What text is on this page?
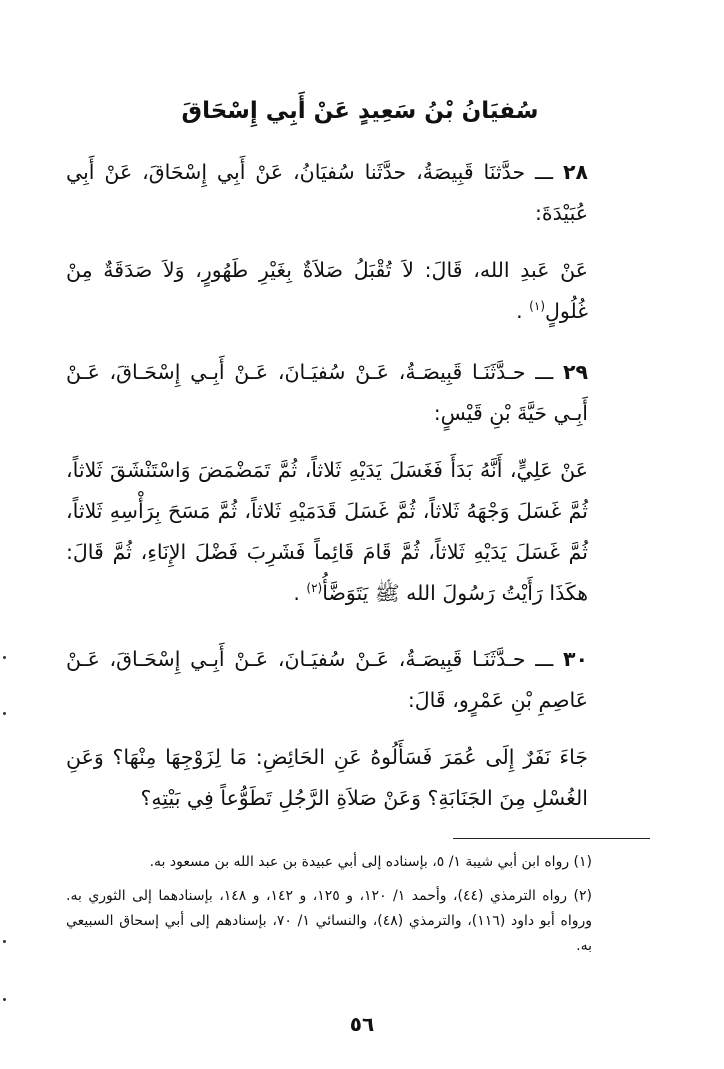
سُفيَانُ بْنُ سَعِيدٍ عَنْ أَبِي إِسْحَاقَ
٢٨ ـــ حدَّثنَا قَبِيصَةُ، حدَّثَنا سُفيَانُ، عَنْ أَبِي إِسْحَاقَ، عَنْ أَبِي عُبَيْدَةَ:
عَنْ عَبدِ الله، قَالَ: لاَ تُقْبَلُ صَلاَةٌ بِغَيْرِ طَهُورٍ، وَلاَ صَدَقَةٌ مِنْ غُلُولٍ$^{(١)}$ .
٢٩ ـــ حـدَّثَنَـا قَبِيصَـةُ، عَـنْ سُفيَـانَ، عَـنْ أَبِـي إِسْحَـاقَ، عَـنْ أَبِـي حَيَّةَ بْنِ قَيْسٍ:
عَنْ عَلِيٍّ، أَنَّهُ بَدَأَ فَغَسَلَ يَدَيْهِ ثَلاثاً، ثُمَّ تَمَضْمَضَ وَاسْتَنْشَقَ ثَلاثاً، ثُمَّ غَسَلَ وَجْهَهُ ثَلاثاً، ثُمَّ غَسَلَ قَدَمَيْهِ ثَلاثاً، ثُمَّ مَسَحَ بِرَأْسِهِ ثَلاثاً، ثُمَّ غَسَلَ يَدَيْهِ ثَلاثاً، ثُمَّ قَامَ قَائِماً فَشَرِبَ فَضْلَ الإِنَاءِ، ثُمَّ قَالَ: هكَذَا رَأَيْتُ رَسُولَ الله ﷺ يَتَوَضَّأُ$^{(٢)}$ .
٣٠ ـــ حـدَّثَنَـا قَبِيصَـةُ، عَـنْ سُفيَـانَ، عَـنْ أَبِـي إِسْحَـاقَ، عَـنْ عَاصِمِ بْنِ عَمْرٍو، قَالَ:
جَاءَ نَفَرٌ إِلَى عُمَرَ فَسَأَلُوهُ عَنِ الحَائِضِ: مَا لِزَوْجِهَا مِنْهَا؟ وَعَنِ الغُسْلِ مِنَ الجَنَابَةِ؟ وَعَنْ صَلاَةِ الرَّجُلِ تَطَوُّعاً فِي بَيْتِهِ؟
(١) رواه ابن أبي شيبة ١/ ٥، بإسناده إلى أبي عبيدة بن عبد الله بن مسعود به.
(٢) رواه الترمذي (٤٤)، وأحمد ١/ ١٢٠، و ١٢٥، و ١٤٢، و ١٤٨، بإسنادهما إلى الثوري به. ورواه أبو داود (١١٦)، والترمذي (٤٨)، والنسائي ١/ ٧٠، بإسنادهم إلى أبي إسحاق السبيعي به.
٥٦
